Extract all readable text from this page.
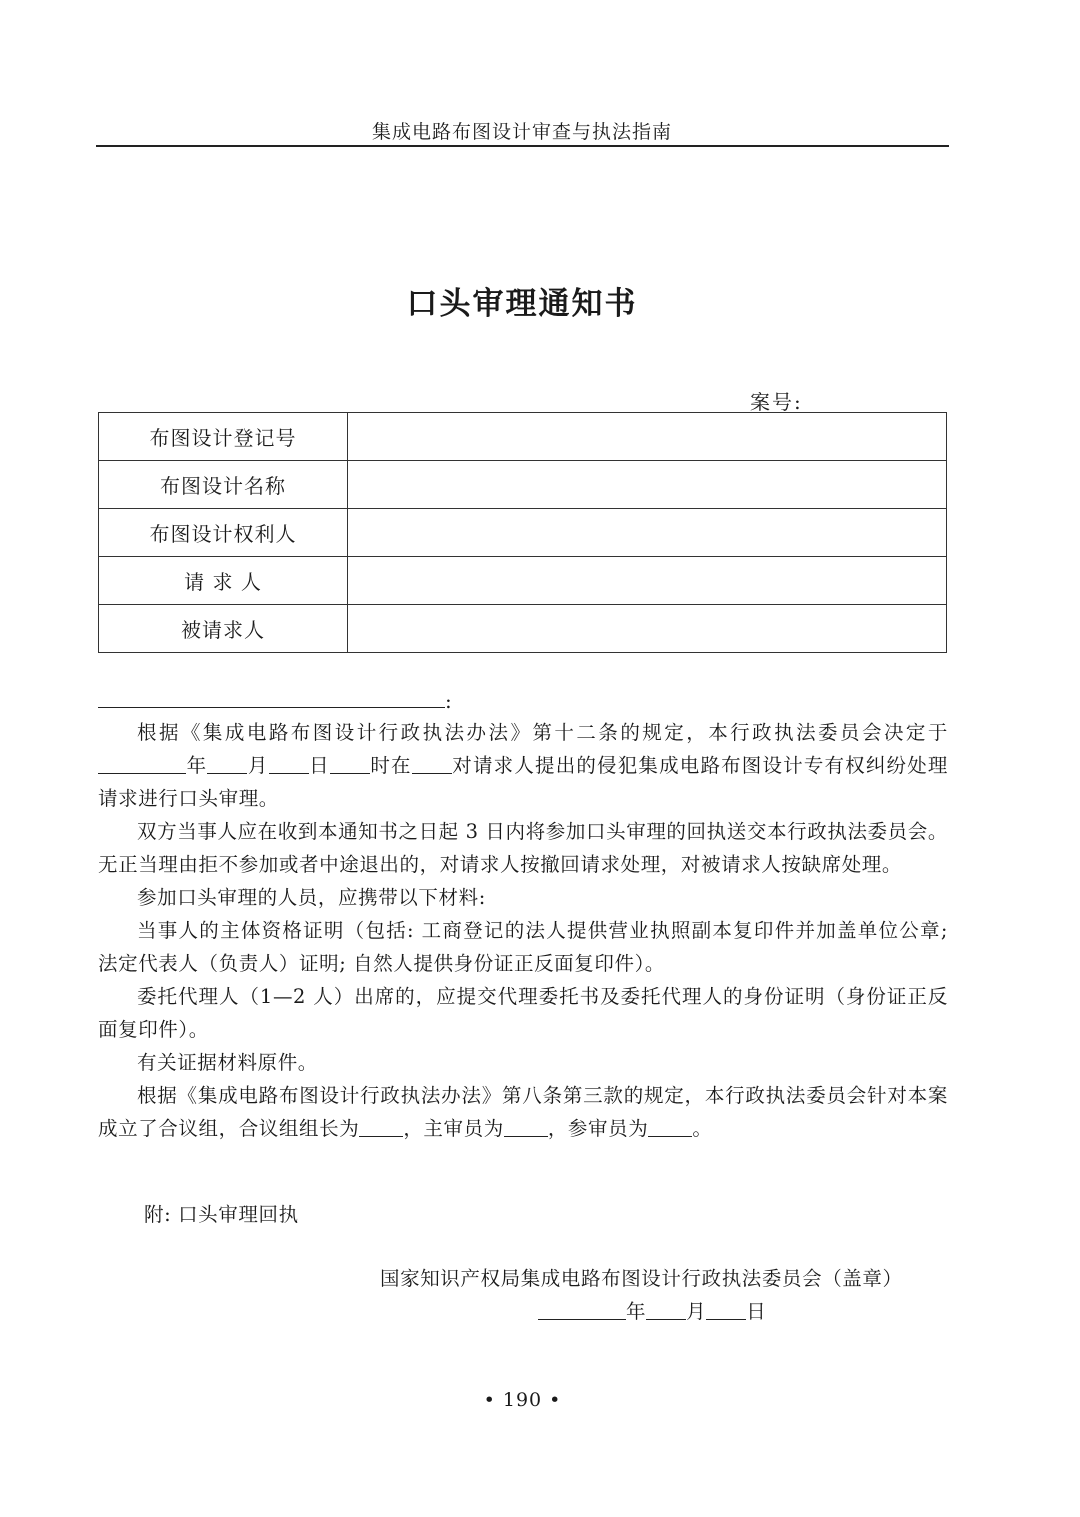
集成电路布图设计审查与执法指南
口头审理通知书
案号:
布图设计登记号	
布图设计名称	
布图设计权利人	
请 求 人	
被请求人	
:

根据《集成电路布图设计行政执法办法》第十二条的规定，本行政执法委员会决定于年 月 日 时在 对请求人提出的侵犯集成电路布图设计专有权纠纷处理请求进行口头审理。

双方当事人应在收到本通知书之日起 3 日内将参加口头审理的回执送交本行政执法委员会。无正当理由拒不参加或者中途退出的，对请求人按撤回请求处理，对被请求人按缺席处理。

参加口头审理的人员，应携带以下材料:

当事人的主体资格证明（包括: 工商登记的法人提供营业执照副本复印件并加盖单位公章; 法定代表人（负责人）证明; 自然人提供身份证正反面复印件）。

委托代理人（1—2 人）出席的，应提交代理委托书及委托代理人的身份证明（身份证正反面复印件）。

有关证据材料原件。

根据《集成电路布图设计行政执法办法》第八条第三款的规定，本行政执法委员会针对本案成立了合议组，合议组组长为 ，主审员为 ，参审员为 。

附: 口头审理回执
国家知识产权局集成电路布图设计行政执法委员会（盖章）
年 月 日
• 190 •
